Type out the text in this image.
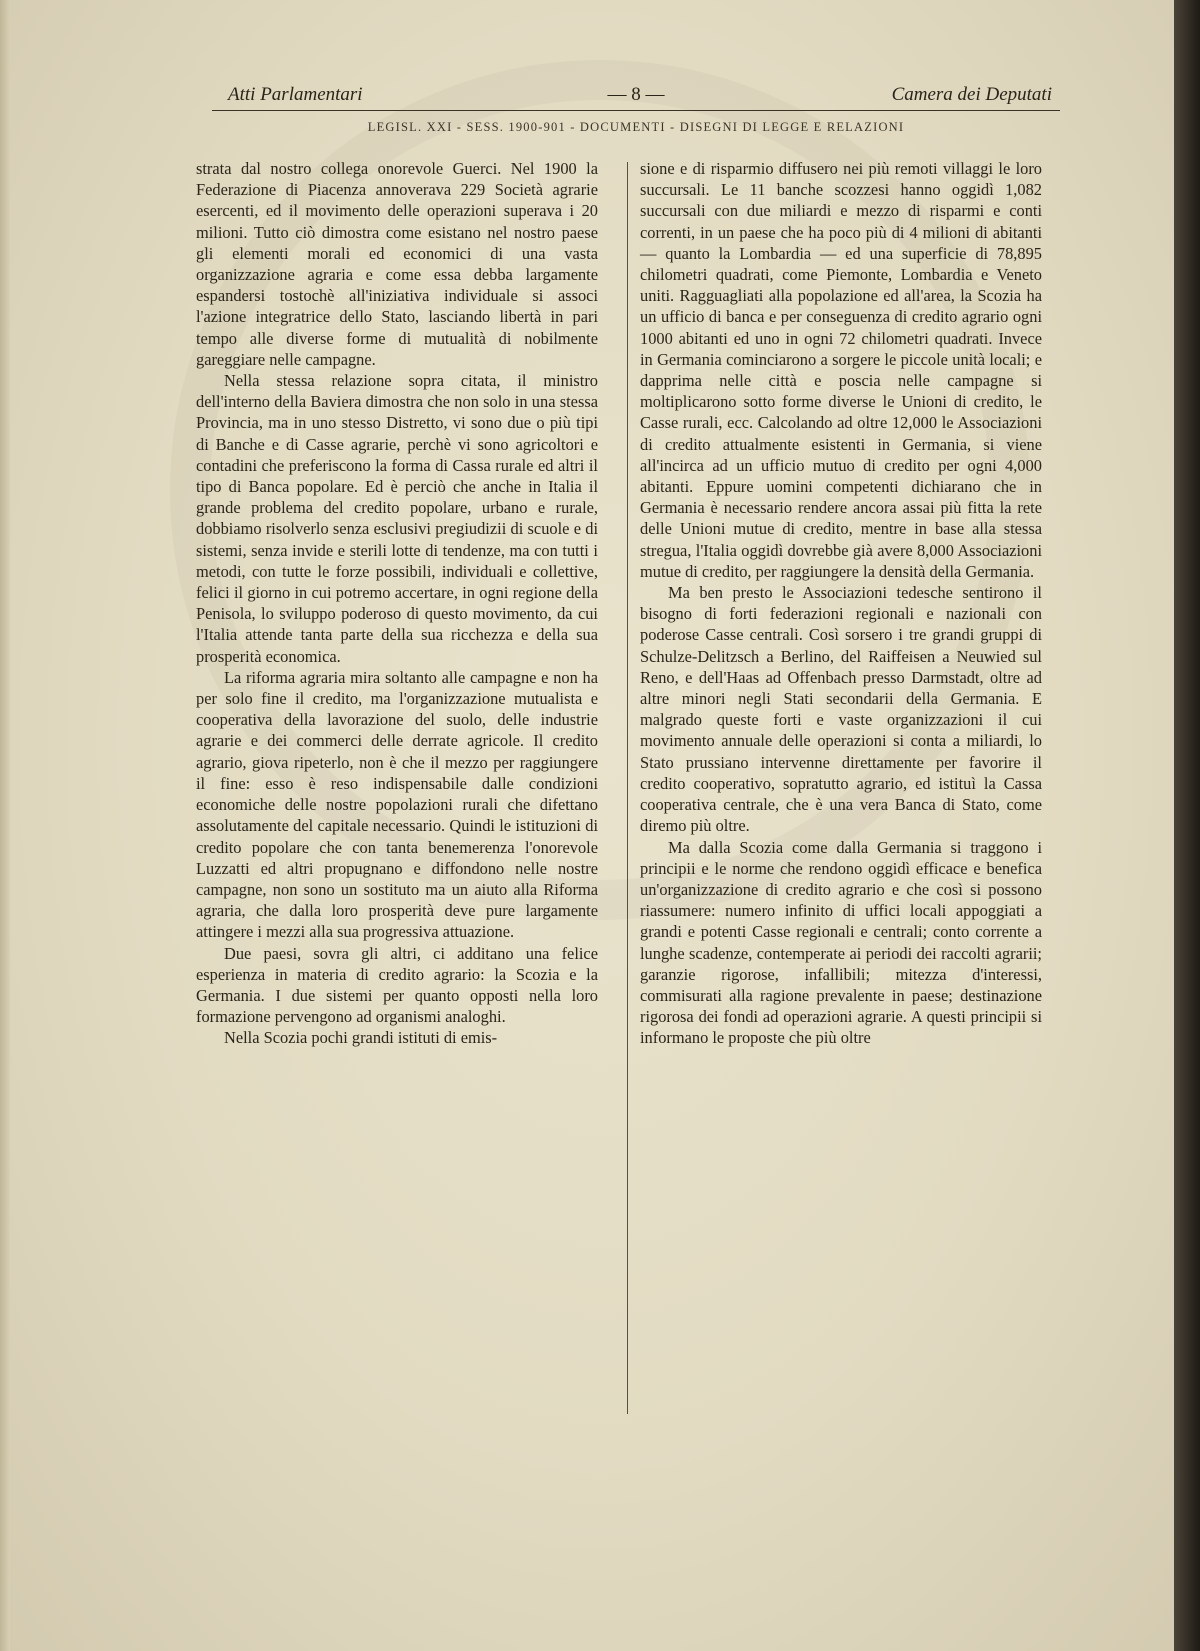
Atti Parlamentari	— 8 —	Camera dei Deputati
LEGISL. XXI - SESS. 1900-901 - DOCUMENTI - DISEGNI DI LEGGE E RELAZIONI

strata dal nostro collega onorevole Guerci. Nel 1900 la Federazione di Piacenza annoverava 229 Società agrarie esercenti, ed il movimento delle operazioni superava i 20 milioni. Tutto ciò dimostra come esistano nel nostro paese gli elementi morali ed economici di una vasta organizzazione agraria e come essa debba largamente espandersi tostochè all'iniziativa individuale si associ l'azione integratrice dello Stato, lasciando libertà in pari tempo alle diverse forme di mutualità di nobilmente gareggiare nelle campagne.

Nella stessa relazione sopra citata, il ministro dell'interno della Baviera dimostra che non solo in una stessa Provincia, ma in uno stesso Distretto, vi sono due o più tipi di Banche e di Casse agrarie, perchè vi sono agricoltori e contadini che preferiscono la forma di Cassa rurale ed altri il tipo di Banca popolare. Ed è perciò che anche in Italia il grande problema del credito popolare, urbano e rurale, dobbiamo risolverlo senza esclusivi pregiudizii di scuole e di sistemi, senza invide e sterili lotte di tendenze, ma con tutti i metodi, con tutte le forze possibili, individuali e collettive, felici il giorno in cui potremo accertare, in ogni regione della Penisola, lo sviluppo poderoso di questo movimento, da cui l'Italia attende tanta parte della sua ricchezza e della sua prosperità economica.

La riforma agraria mira soltanto alle campagne e non ha per solo fine il credito, ma l'organizzazione mutualista e cooperativa della lavorazione del suolo, delle industrie agrarie e dei commerci delle derrate agricole. Il credito agrario, giova ripeterlo, non è che il mezzo per raggiungere il fine: esso è reso indispensabile dalle condizioni economiche delle nostre popolazioni rurali che difettano assolutamente del capitale necessario. Quindi le istituzioni di credito popolare che con tanta benemerenza l'onorevole Luzzatti ed altri propugnano e diffondono nelle nostre campagne, non sono un sostituto ma un aiuto alla Riforma agraria, che dalla loro prosperità deve pure largamente attingere i mezzi alla sua progressiva attuazione.

Due paesi, sovra gli altri, ci additano una felice esperienza in materia di credito agrario: la Scozia e la Germania. I due sistemi per quanto opposti nella loro formazione pervengono ad organismi analoghi.

Nella Scozia pochi grandi istituti di emis-

sione e di risparmio diffusero nei più remoti villaggi le loro succursali. Le 11 banche scozzesi hanno oggidì 1,082 succursali con due miliardi e mezzo di risparmi e conti correnti, in un paese che ha poco più di 4 milioni di abitanti — quanto la Lombardia — ed una superficie di 78,895 chilometri quadrati, come Piemonte, Lombardia e Veneto uniti. Ragguagliati alla popolazione ed all'area, la Scozia ha un ufficio di banca e per conseguenza di credito agrario ogni 1000 abitanti ed uno in ogni 72 chilometri quadrati. Invece in Germania cominciarono a sorgere le piccole unità locali; e dapprima nelle città e poscia nelle campagne si moltiplicarono sotto forme diverse le Unioni di credito, le Casse rurali, ecc. Calcolando ad oltre 12,000 le Associazioni di credito attualmente esistenti in Germania, si viene all'incirca ad un ufficio mutuo di credito per ogni 4,000 abitanti. Eppure uomini competenti dichiarano che in Germania è necessario rendere ancora assai più fitta la rete delle Unioni mutue di credito, mentre in base alla stessa stregua, l'Italia oggidì dovrebbe già avere 8,000 Associazioni mutue di credito, per raggiungere la densità della Germania.

Ma ben presto le Associazioni tedesche sentirono il bisogno di forti federazioni regionali e nazionali con poderose Casse centrali. Così sorsero i tre grandi gruppi di Schulze-Delitzsch a Berlino, del Raiffeisen a Neuwied sul Reno, e dell'Haas ad Offenbach presso Darmstadt, oltre ad altre minori negli Stati secondarii della Germania. E malgrado queste forti e vaste organizzazioni il cui movimento annuale delle operazioni si conta a miliardi, lo Stato prussiano intervenne direttamente per favorire il credito cooperativo, sopratutto agrario, ed istituì la Cassa cooperativa centrale, che è una vera Banca di Stato, come diremo più oltre.

Ma dalla Scozia come dalla Germania si traggono i principii e le norme che rendono oggidì efficace e benefica un'organizzazione di credito agrario e che così si possono riassumere: numero infinito di uffici locali appoggiati a grandi e potenti Casse regionali e centrali; conto corrente a lunghe scadenze, contemperate ai periodi dei raccolti agrarii; garanzie rigorose, infallibili; mitezza d'interessi, commisurati alla ragione prevalente in paese; destinazione rigorosa dei fondi ad operazioni agrarie. A questi principii si informano le proposte che più oltre
